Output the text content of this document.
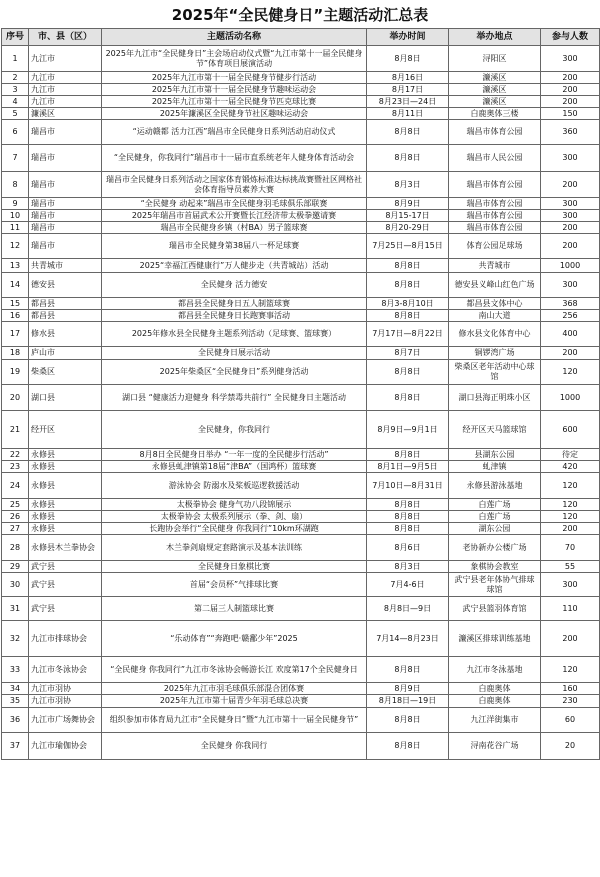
2025年“全民健身日”主题活动汇总表
序号	市、县（区）	主题活动名称	举办时间	举办地点	参与人数
1	九江市	2025年九江市“全民健身日”主会场启动仪式暨“九江市第十一届全民健身节”体育项目展演活动	8月8日	浔阳区	300
2	九江市	2025年九江市第十一届全民健身节健步行活动	8月16日	濂溪区	200
3	九江市	2025年九江市第十一届全民健身节趣味运动会	8月17日	濂溪区	200
4	九江市	2025年九江市第十一届全民健身节匹克球比赛	8月23日—24日	濂溪区	200
5	濂溪区	2025年濂溪区全民健身节社区趣味运动会	8月11日	白鹿奥体三楼	150
6	瑞昌市	“运动赣都 活力江西”瑞昌市全民健身日系列活动启动仪式	8月8日	瑞昌市体育公园	360
7	瑞昌市	“全民健身，你我同行”瑞昌市十一届市直系统老年人健身体育活动会	8月8日	瑞昌市人民公园	300
8	瑞昌市	瑞昌市全民健身日系列活动之国家体育锻炼标准达标挑战赛暨社区网格社会体育指导员素养大赛	8月3日	瑞昌市体育公园	200
9	瑞昌市	“全民健身 动起来”瑞昌市全民健身羽毛球俱乐部联赛	8月9日	瑞昌市体育公园	300
10	瑞昌市	2025年瑞昌市首届武术公开赛暨长江经济带太极拳邀请赛	8月15-17日	瑞昌市体育公园	300
11	瑞昌市	瑞昌市全民健身乡镇（村BA）男子篮球赛	8月20-29日	瑞昌市体育公园	200
12	瑞昌市	瑞昌市全民健身第38届八一杯足球赛	7月25日—8月15日	体育公园足球场	200
13	共青城市	2025“幸福江西健康行”万人健步走（共青城站）活动	8月8日	共青城市	1000
14	德安县	全民健身 活力德安	8月8日	德安县义峰山红色广场	300
15	都昌县	都昌县全民健身日五人制篮球赛	8月3-8月10日	都昌县文体中心	368
16	都昌县	都昌县全民健身日长跑赛事活动	8月8日	南山大道	256
17	修水县	2025年修水县全民健身主题系列活动（足球赛、篮球赛）	7月17日—8月22日	修水县文化体育中心	400
18	庐山市	全民健身日展示活动	8月7日	铜锣湾广场	200
19	柴桑区	2025年柴桑区“全民健身日”系列健身活动	8月8日	柴桑区老年活动中心球馆	120
20	湖口县	湖口县 “健康活力迎健身 科学禁毒共前行” 全民健身日主题活动	8月8日	湖口县海正明珠小区	1000
21	经开区	全民健身，你我同行	8月9日—9月1日	经开区天马篮球馆	600
22	永修县	8月8日全民健身日举办 “一年一度的全民健步行活动”	8月8日	县湖东公园	待定
23	永修县	永修县虬津镇第18届“津BA”（国鸿杯）篮球赛	8月1日—9月5日	虬津镇	420
24	永修县	游泳协会 防溺水及桨板巡逻救援活动	7月10日—8月31日	永修县游泳基地	120
25	永修县	太极拳协会 健身气功八段锦展示	8月8日	白莲广场	120
26	永修县	太极拳协会 太极系列展示（拳、剑、扇）	8月8日	白莲广场	120
27	永修县	长跑协会举行“全民健身 你我同行”10km环湖跑	8月8日	湖东公园	200
28	永修县木兰拳协会	木兰拳剑扇规定套路演示及基本法训练	8月6日	老协新办公楼广场	70
29	武宁县	全民健身日象棋比赛	8月3日	象棋协会教室	55
30	武宁县	首届“会员杯”气排球比赛	7月4-6日	武宁县老年体协气排球球馆	300
31	武宁县	第二届三人制篮球比赛	8月8日—9日	武宁县篮羽体育馆	110
32	九江市排球协会	“乐动体育”“奔跑吧·赣鄱少年”2025	7月14—8月23日	濂溪区排球训练基地	200
33	九江市冬泳协会	“全民健身 你我同行”九江市冬泳协会畅游长江 欢度第17个全民健身日	8月8日	九江市冬泳基地	120
34	九江市羽协	2025年九江市羽毛球俱乐部混合团体赛	8月9日	白鹿奥体	160
35	九江市羽协	2025年九江市第十届青少年羽毛球总决赛	8月18日—19日	白鹿奥体	230
36	九江市广场舞协会	组织参加市体育局九江市“全民健身日”暨“九江市第十一届全民健身节”	8月8日	九江洋街集市	60
37	九江市瑜伽协会	全民健身 你我同行	8月8日	浔南花谷广场	20
